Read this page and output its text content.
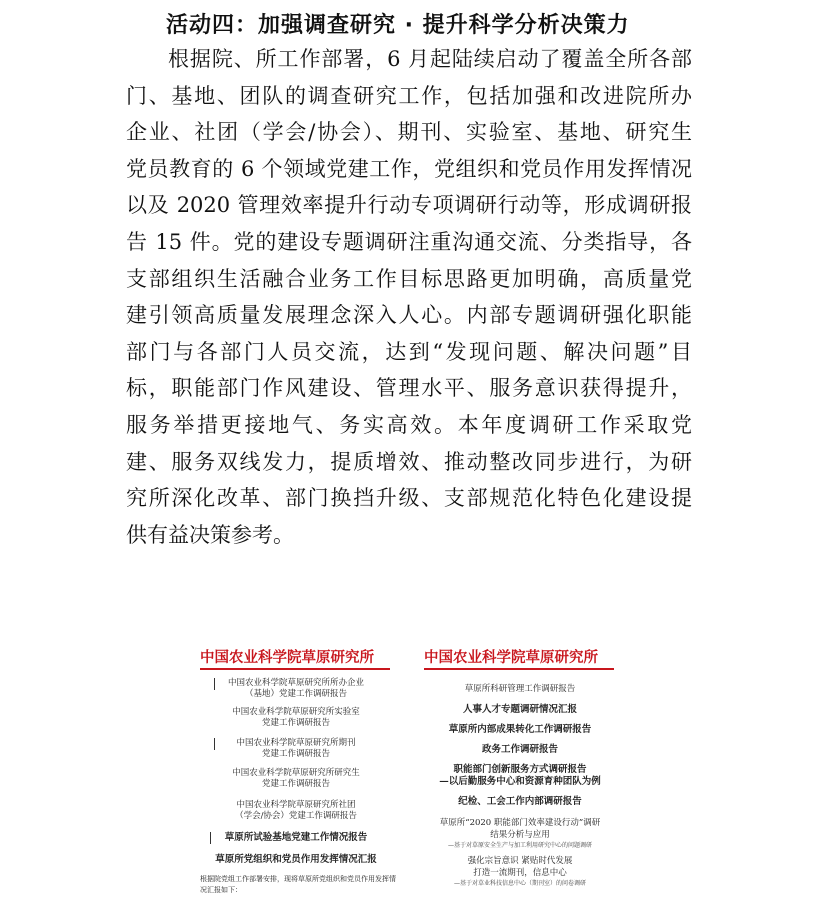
活动四：加强调查研究 · 提升科学分析决策力
根据院、所工作部署，6 月起陆续启动了覆盖全所各部
门、基地、团队的调查研究工作，包括加强和改进院所办
企业、社团（学会/协会）、期刊、实验室、基地、研究生
党员教育的 6 个领域党建工作，党组织和党员作用发挥情况
以及 2020 管理效率提升行动专项调研行动等，形成调研报
告 15 件。党的建设专题调研注重沟通交流、分类指导，各
支部组织生活融合业务工作目标思路更加明确，高质量党
建引领高质量发展理念深入人心。内部专题调研强化职能
部门与各部门人员交流，达到“发现问题、解决问题”目
标，职能部门作风建设、管理水平、服务意识获得提升，
服务举措更接地气、务实高效。本年度调研工作采取党
建、服务双线发力，提质增效、推动整改同步进行，为研
究所深化改革、部门换挡升级、支部规范化特色化建设提
供有益决策参考。
中国农业科学院草原研究所
中国农业科学院草原研究所所办企业
（基地）党建工作调研报告
中国农业科学院草原研究所实验室
党建工作调研报告
中国农业科学院草原研究所期刊
党建工作调研报告
中国农业科学院草原研究所研究生
党建工作调研报告
中国农业科学院草原研究所社团
（学会/协会）党建工作调研报告
草原所试验基地党建工作情况报告
草原所党组织和党员作用发挥情况汇报
根据院党组工作部署安排，现将草原所党组织和党员作用发挥情况汇报如下：
中国农业科学院草原研究所
草原所科研管理工作调研报告
人事人才专题调研情况汇报
草原所内部成果转化工作调研报告
政务工作调研报告
职能部门创新服务方式调研报告
—以后勤服务中心和资源育种团队为例
纪检、工会工作内部调研报告
草原所“2020 职能部门效率建设行动”调研
结果分析与应用
—基于对草原安全生产与加工利用研究中心的问题调研
强化宗旨意识 紧贴时代发展
打造一流期刊，信息中心
—基于对草业科技信息中心（期刊室）的问卷调研
